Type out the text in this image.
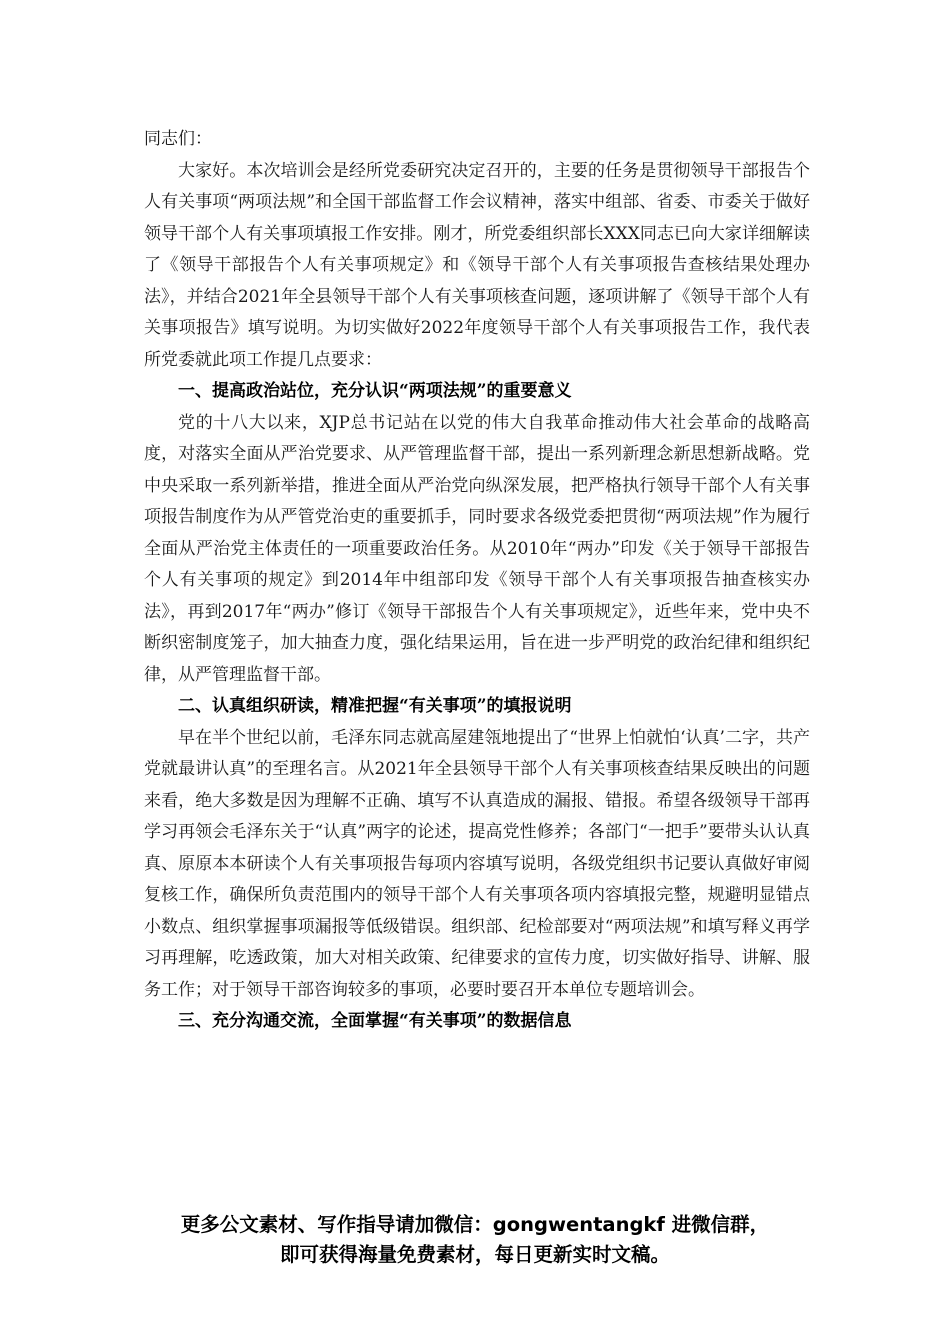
同志们：

大家好。本次培训会是经所党委研究决定召开的，主要的任务是贯彻领导干部报告个人有关事项“两项法规”和全国干部监督工作会议精神，落实中组部、省委、市委关于做好领导干部个人有关事项填报工作安排。刚才，所党委组织部长XXX同志已向大家详细解读了《领导干部报告个人有关事项规定》和《领导干部个人有关事项报告查核结果处理办法》，并结合2021年全县领导干部个人有关事项核查问题，逐项讲解了《领导干部个人有关事项报告》填写说明。为切实做好2022年度领导干部个人有关事项报告工作，我代表所党委就此项工作提几点要求：

一、提高政治站位，充分认识“两项法规”的重要意义

党的十八大以来，XJP总书记站在以党的伟大自我革命推动伟大社会革命的战略高度，对落实全面从严治党要求、从严管理监督干部，提出一系列新理念新思想新战略。党中央采取一系列新举措，推进全面从严治党向纵深发展，把严格执行领导干部个人有关事项报告制度作为从严管党治吏的重要抓手，同时要求各级党委把贯彻“两项法规”作为履行全面从严治党主体责任的一项重要政治任务。从2010年“两办”印发《关于领导干部报告个人有关事项的规定》到2014年中组部印发《领导干部个人有关事项报告抽查核实办法》，再到2017年“两办”修订《领导干部报告个人有关事项规定》，近些年来，党中央不断织密制度笼子，加大抽查力度，强化结果运用，旨在进一步严明党的政治纪律和组织纪律，从严管理监督干部。

二、认真组织研读，精准把握“有关事项”的填报说明

早在半个世纪以前，毛泽东同志就高屋建瓴地提出了“世界上怕就怕‘认真’二字，共产党就最讲认真”的至理名言。从2021年全县领导干部个人有关事项核查结果反映出的问题来看，绝大多数是因为理解不正确、填写不认真造成的漏报、错报。希望各级领导干部再学习再领会毛泽东关于“认真”两字的论述，提高党性修养；各部门“一把手”要带头认认真真、原原本本研读个人有关事项报告每项内容填写说明，各级党组织书记要认真做好审阅复核工作，确保所负责范围内的领导干部个人有关事项各项内容填报完整，规避明显错点小数点、组织掌握事项漏报等低级错误。组织部、纪检部要对“两项法规”和填写释义再学习再理解，吃透政策，加大对相关政策、纪律要求的宣传力度，切实做好指导、讲解、服务工作；对于领导干部咨询较多的事项，必要时要召开本单位专题培训会。

三、充分沟通交流，全面掌握“有关事项”的数据信息

更多公文素材、写作指导请加微信：gongwentangkf 进微信群，
即可获得海量免费素材，每日更新实时文稿。
